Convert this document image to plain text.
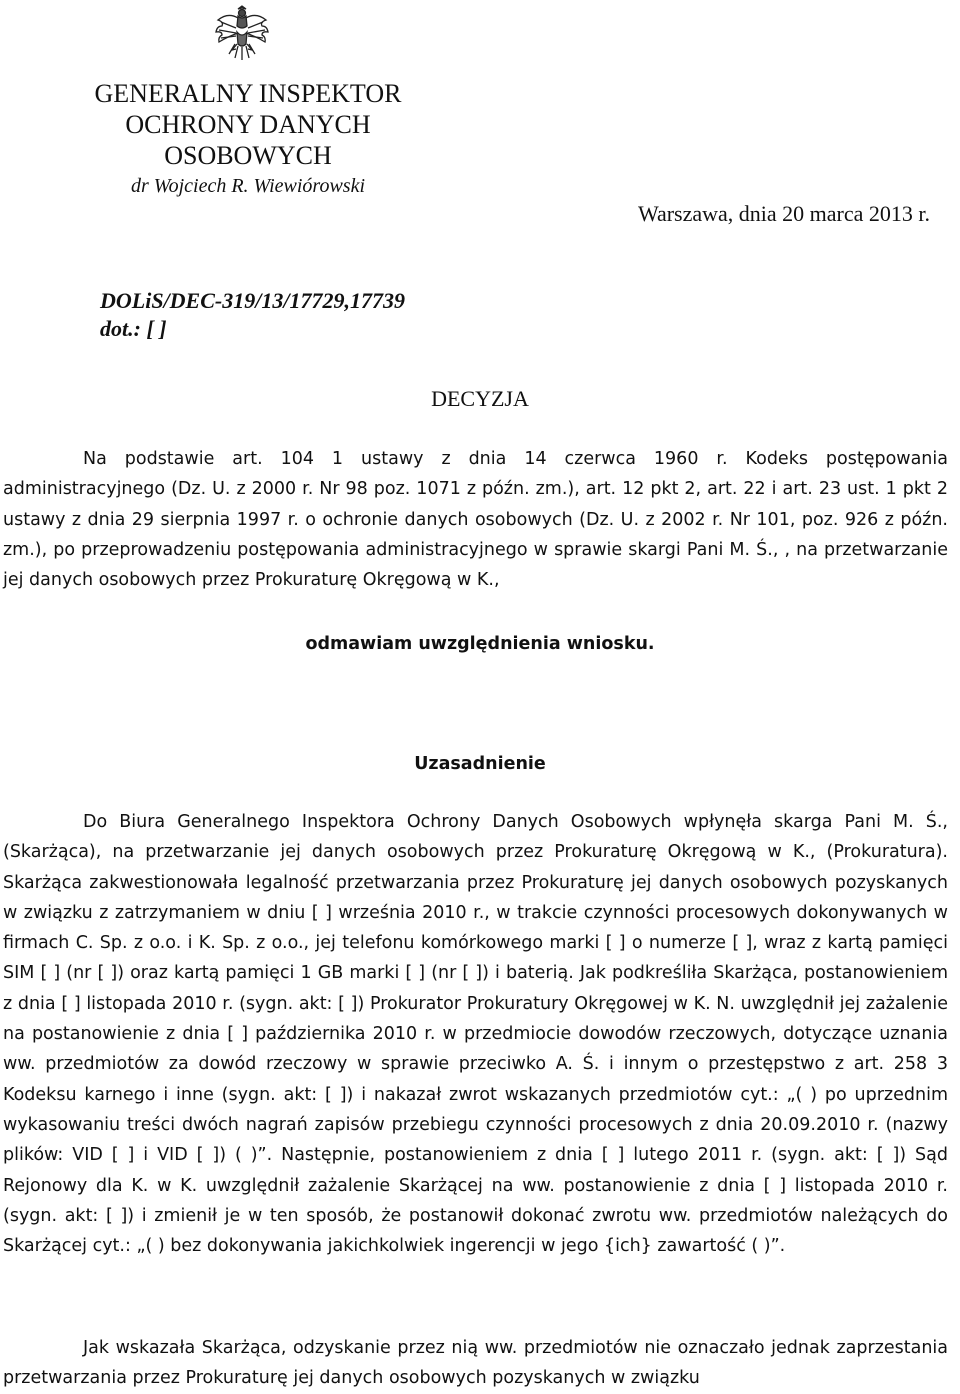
GENERALNY INSPEKTOR
OCHRONY DANYCH
OSOBOWYCH
dr Wojciech R. Wiewiórowski
Warszawa, dnia 20 marca 2013 r.
DOLiS/DEC-319/13/17729,17739
dot.: [ ]
DECYZJA
Na podstawie art. 104 1 ustawy z dnia 14 czerwca 1960 r. Kodeks postępowania administracyjnego (Dz. U. z 2000 r. Nr 98 poz. 1071 z późn. zm.), art. 12 pkt 2, art. 22 i art. 23 ust. 1 pkt 2 ustawy z dnia 29 sierpnia 1997 r. o ochronie danych osobowych (Dz. U. z 2002 r. Nr 101, poz. 926 z późn. zm.), po przeprowadzeniu postępowania administracyjnego w sprawie skargi Pani M. Ś., , na przetwarzanie jej danych osobowych przez Prokuraturę Okręgową w K.,
odmawiam uwzględnienia wniosku.
Uzasadnienie
Do Biura Generalnego Inspektora Ochrony Danych Osobowych wpłynęła skarga Pani M. Ś., (Skarżąca), na przetwarzanie jej danych osobowych przez Prokuraturę Okręgową w K., (Prokuratura). Skarżąca zakwestionowała legalność przetwarzania przez Prokuraturę jej danych osobowych pozyskanych w związku z zatrzymaniem w dniu [ ] września 2010 r., w trakcie czynności procesowych dokonywanych w firmach C. Sp. z o.o. i K. Sp. z o.o., jej telefonu komórkowego marki [ ] o numerze [ ], wraz z kartą pamięci SIM [ ] (nr [ ]) oraz kartą pamięci 1 GB marki [ ] (nr [ ]) i baterią. Jak podkreśliła Skarżąca, postanowieniem z dnia [ ] listopada 2010 r. (sygn. akt: [ ]) Prokurator Prokuratury Okręgowej w K. N. uwzględnił jej zażalenie na postanowienie z dnia [ ] października 2010 r. w przedmiocie dowodów rzeczowych, dotyczące uznania ww. przedmiotów za dowód rzeczowy w sprawie przeciwko A. Ś. i innym o przestępstwo z art. 258 3 Kodeksu karnego i inne (sygn. akt: [ ]) i nakazał zwrot wskazanych przedmiotów cyt.: „( ) po uprzednim wykasowaniu treści dwóch nagrań zapisów przebiegu czynności procesowych z dnia 20.09.2010 r. (nazwy plików: VID [ ] i VID [ ]) ( )”. Następnie, postanowieniem z dnia [ ] lutego 2011 r. (sygn. akt: [ ]) Sąd Rejonowy dla K. w K. uwzględnił zażalenie Skarżącej na ww. postanowienie z dnia [ ] listopada 2010 r. (sygn. akt: [ ]) i zmienił je w ten sposób, że postanowił dokonać zwrotu ww. przedmiotów należących do Skarżącej cyt.: „( ) bez dokonywania jakichkolwiek ingerencji w jego {ich} zawartość ( )”.
Jak wskazała Skarżąca, odzyskanie przez nią ww. przedmiotów nie oznaczało jednak zaprzestania przetwarzania przez Prokuraturę jej danych osobowych pozyskanych w związku
